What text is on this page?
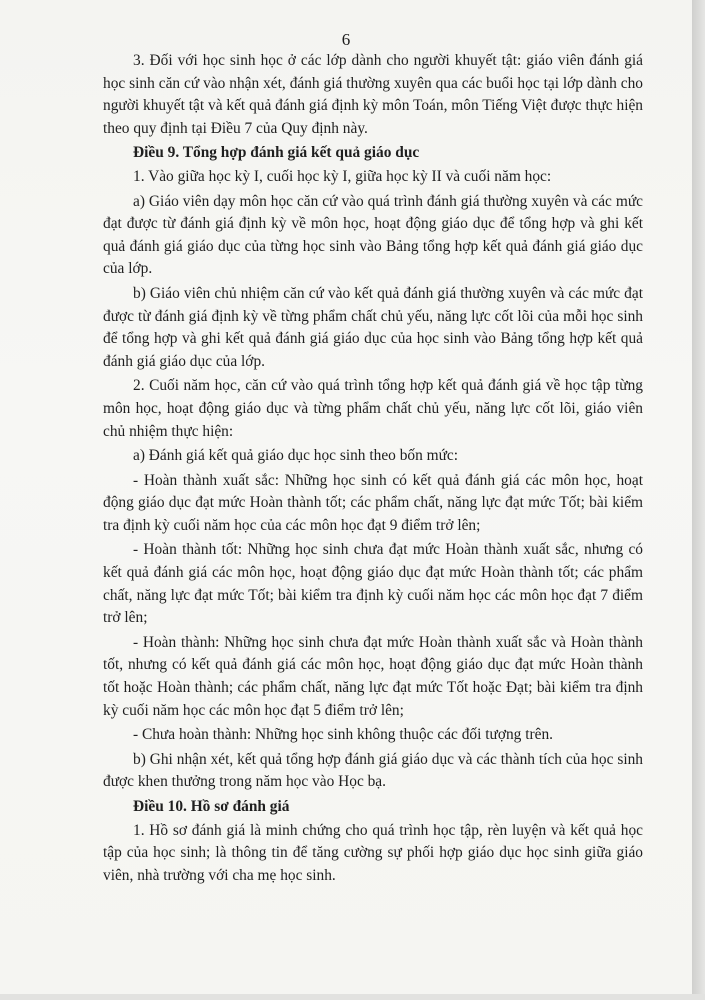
6

3. Đối với học sinh học ở các lớp dành cho người khuyết tật: giáo viên đánh giá học sinh căn cứ vào nhận xét, đánh giá thường xuyên qua các buổi học tại lớp dành cho người khuyết tật và kết quả đánh giá định kỳ môn Toán, môn Tiếng Việt được thực hiện theo quy định tại Điều 7 của Quy định này.

Điều 9. Tổng hợp đánh giá kết quả giáo dục

1. Vào giữa học kỳ I, cuối học kỳ I, giữa học kỳ II và cuối năm học:

a) Giáo viên dạy môn học căn cứ vào quá trình đánh giá thường xuyên và các mức đạt được từ đánh giá định kỳ về môn học, hoạt động giáo dục để tổng hợp và ghi kết quả đánh giá giáo dục của từng học sinh vào Bảng tổng hợp kết quả đánh giá giáo dục của lớp.

b) Giáo viên chủ nhiệm căn cứ vào kết quả đánh giá thường xuyên và các mức đạt được từ đánh giá định kỳ về từng phẩm chất chủ yếu, năng lực cốt lõi của mỗi học sinh để tổng hợp và ghi kết quả đánh giá giáo dục của học sinh vào Bảng tổng hợp kết quả đánh giá giáo dục của lớp.

2. Cuối năm học, căn cứ vào quá trình tổng hợp kết quả đánh giá về học tập từng môn học, hoạt động giáo dục và từng phẩm chất chủ yếu, năng lực cốt lõi, giáo viên chủ nhiệm thực hiện:

a) Đánh giá kết quả giáo dục học sinh theo bốn mức:

- Hoàn thành xuất sắc: Những học sinh có kết quả đánh giá các môn học, hoạt động giáo dục đạt mức Hoàn thành tốt; các phẩm chất, năng lực đạt mức Tốt; bài kiểm tra định kỳ cuối năm học của các môn học đạt 9 điểm trở lên;

- Hoàn thành tốt: Những học sinh chưa đạt mức Hoàn thành xuất sắc, nhưng có kết quả đánh giá các môn học, hoạt động giáo dục đạt mức Hoàn thành tốt; các phẩm chất, năng lực đạt mức Tốt; bài kiểm tra định kỳ cuối năm học các môn học đạt 7 điểm trở lên;

- Hoàn thành: Những học sinh chưa đạt mức Hoàn thành xuất sắc và Hoàn thành tốt, nhưng có kết quả đánh giá các môn học, hoạt động giáo dục đạt mức Hoàn thành tốt hoặc Hoàn thành; các phẩm chất, năng lực đạt mức Tốt hoặc Đạt; bài kiểm tra định kỳ cuối năm học các môn học đạt 5 điểm trở lên;

- Chưa hoàn thành: Những học sinh không thuộc các đối tượng trên.

b) Ghi nhận xét, kết quả tổng hợp đánh giá giáo dục và các thành tích của học sinh được khen thưởng trong năm học vào Học bạ.

Điều 10. Hồ sơ đánh giá

1. Hồ sơ đánh giá là minh chứng cho quá trình học tập, rèn luyện và kết quả học tập của học sinh; là thông tin để tăng cường sự phối hợp giáo dục học sinh giữa giáo viên, nhà trường với cha mẹ học sinh.
